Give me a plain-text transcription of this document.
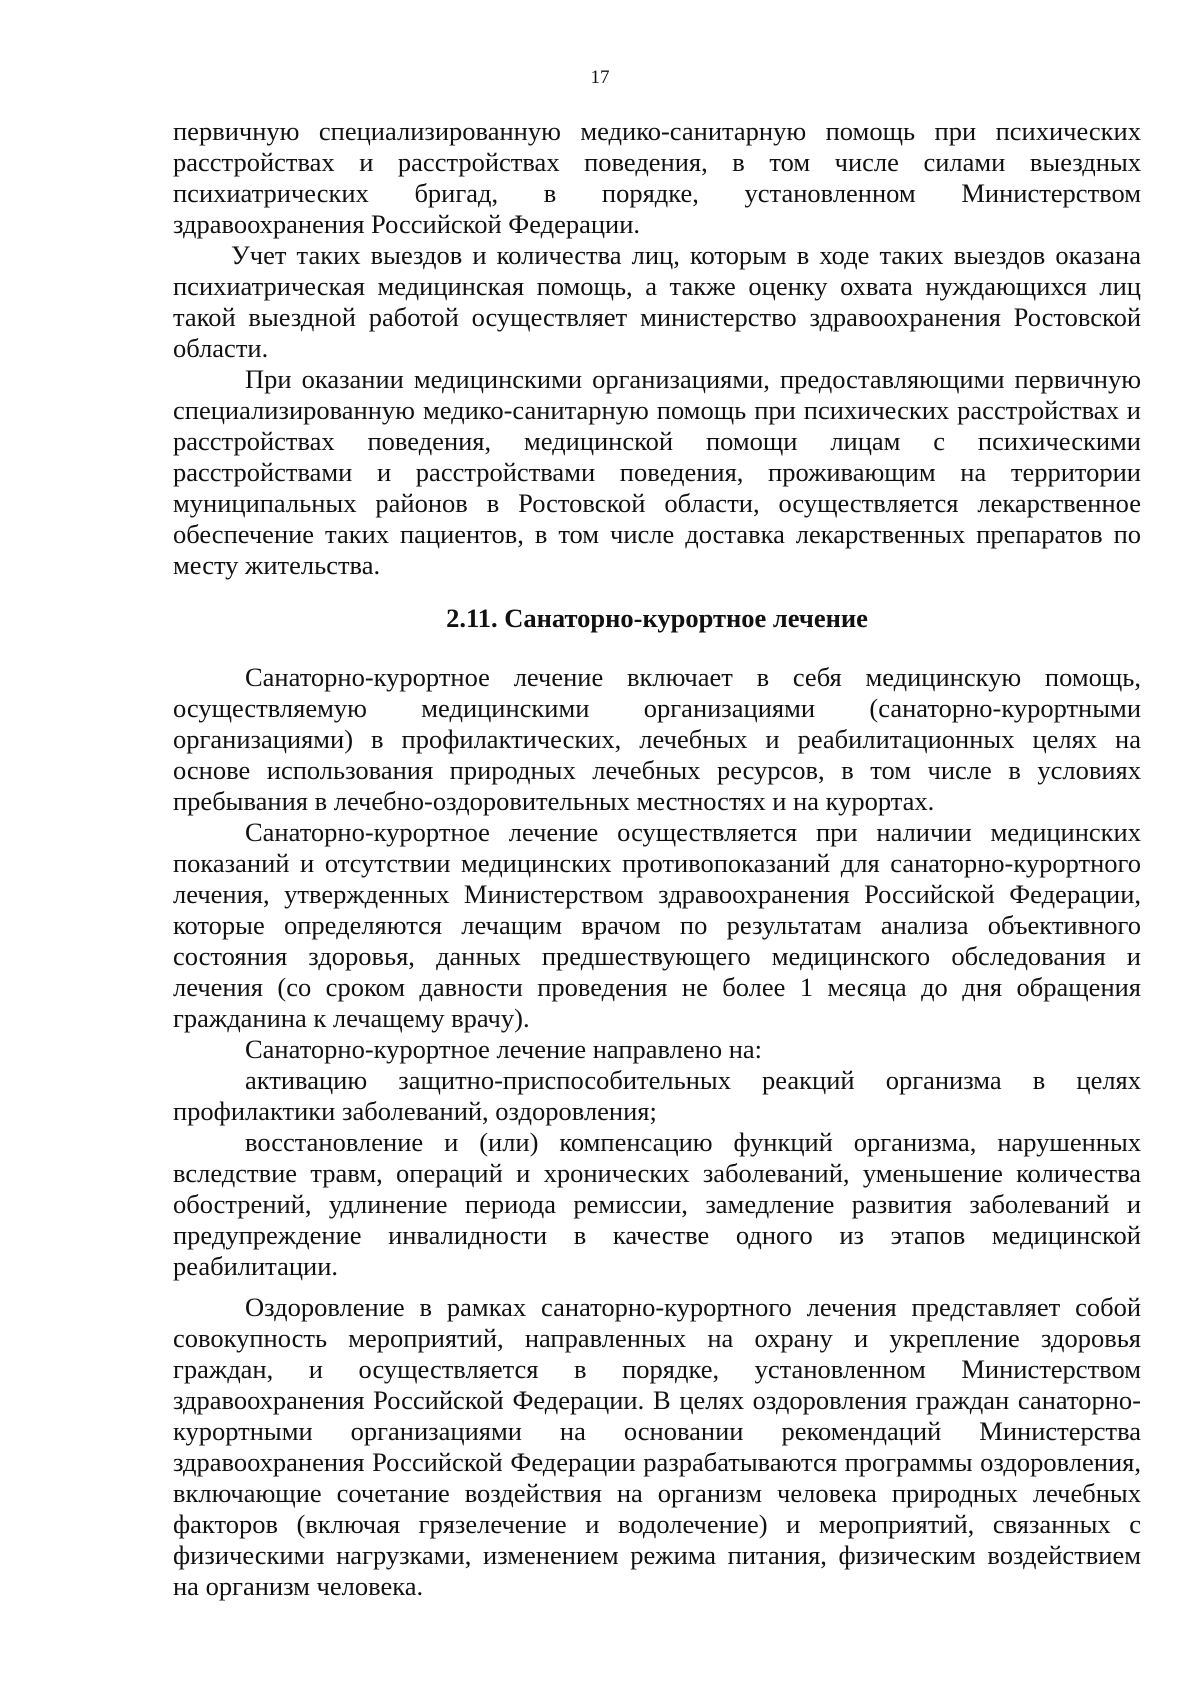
17

первичную специализированную медико-санитарную помощь при психических расстройствах и расстройствах поведения, в том числе силами выездных психиатрических бригад, в порядке, установленном Министерством здравоохранения Российской Федерации.

Учет таких выездов и количества лиц, которым в ходе таких выездов оказана психиатрическая медицинская помощь, а также оценку охвата нуждающихся лиц такой выездной работой осуществляет министерство здравоохранения Ростовской области.

При оказании медицинскими организациями, предоставляющими первичную специализированную медико-санитарную помощь при психических расстройствах и расстройствах поведения, медицинской помощи лицам с психическими расстройствами и расстройствами поведения, проживающим на территории муниципальных районов в Ростовской области, осуществляется лекарственное обеспечение таких пациентов, в том числе доставка лекарственных препаратов по месту жительства.

2.11. Санаторно-курортное лечение

Санаторно-курортное лечение включает в себя медицинскую помощь, осуществляемую медицинскими организациями (санаторно-курортными организациями) в профилактических, лечебных и реабилитационных целях на основе использования природных лечебных ресурсов, в том числе в условиях пребывания в лечебно-оздоровительных местностях и на курортах.

Санаторно-курортное лечение осуществляется при наличии медицинских показаний и отсутствии медицинских противопоказаний для санаторно-курортного лечения, утвержденных Министерством здравоохранения Российской Федерации, которые определяются лечащим врачом по результатам анализа объективного состояния здоровья, данных предшествующего медицинского обследования и лечения (со сроком давности проведения не более 1 месяца до дня обращения гражданина к лечащему врачу).

Санаторно-курортное лечение направлено на:

активацию защитно-приспособительных реакций организма в целях профилактики заболеваний, оздоровления;

восстановление и (или) компенсацию функций организма, нарушенных вследствие травм, операций и хронических заболеваний, уменьшение количества обострений, удлинение периода ремиссии, замедление развития заболеваний и предупреждение инвалидности в качестве одного из этапов медицинской реабилитации.

Оздоровление в рамках санаторно-курортного лечения представляет собой совокупность мероприятий, направленных на охрану и укрепление здоровья граждан, и осуществляется в порядке, установленном Министерством здравоохранения Российской Федерации. В целях оздоровления граждан санаторно-курортными организациями на основании рекомендаций Министерства здравоохранения Российской Федерации разрабатываются программы оздоровления, включающие сочетание воздействия на организм человека природных лечебных факторов (включая грязелечение и водолечение) и мероприятий, связанных с физическими нагрузками, изменением режима питания, физическим воздействием на организм человека.
